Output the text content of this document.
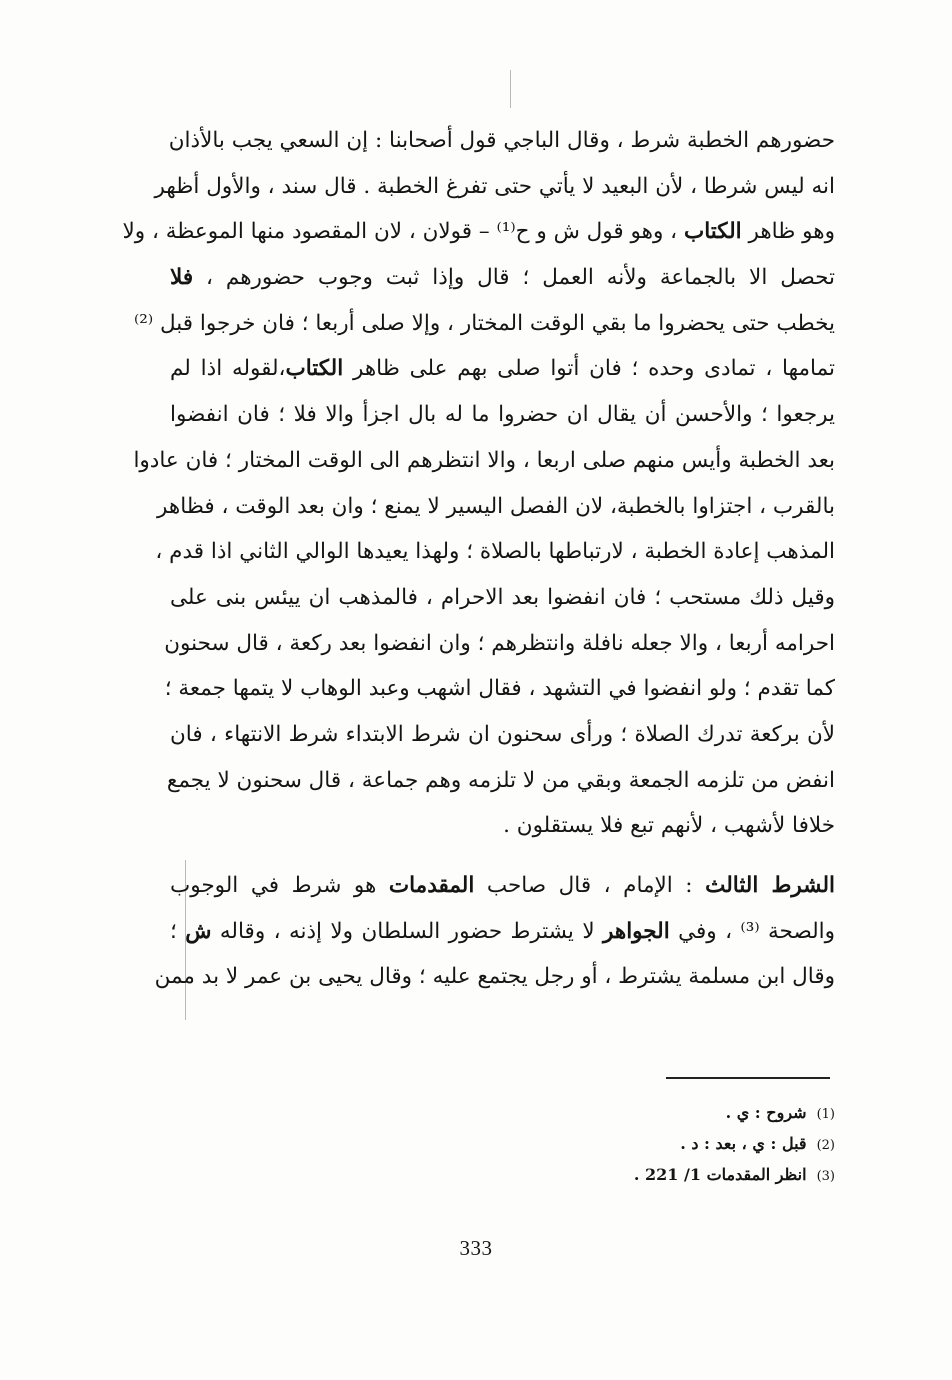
حضورهم الخطبة شرط ، وقال الباجي قول أصحابنا : إن السعي يجب بالأذان
انه ليس شرطا ، لأن البعيد لا يأتي حتى تفرغ الخطبة . قال سند ، والأول أظهر
وهو ظاهر الكتاب ، وهو قول ش و ح⁽¹⁾ – قولان ، لان المقصود منها الموعظة ، ولا
تحصل الا بالجماعة ولأنه العمل ؛ قال وإذا ثبت وجوب حضورهم ، فلا
يخطب حتى يحضروا ما بقي الوقت المختار ، وإلا صلى أربعا ؛ فان خرجوا قبل ⁽²⁾
تمامها ، تمادى وحده ؛ فان أتوا صلى بهم على ظاهر الكتاب،لقوله اذا لم
يرجعوا ؛ والأحسن أن يقال ان حضروا ما له بال اجزأ والا فلا ؛ فان انفضوا
بعد الخطبة وأيس منهم صلى اربعا ، والا انتظرهم الى الوقت المختار ؛ فان عادوا
بالقرب ، اجتزاوا بالخطبة، لان الفصل اليسير لا يمنع ؛ وان بعد الوقت ، فظاهر
المذهب إعادة الخطبة ، لارتباطها بالصلاة ؛ ولهذا يعيدها الوالي الثاني اذا قدم ،
وقيل ذلك مستحب ؛ فان انفضوا بعد الاحرام ، فالمذهب ان ييئس بنى على
احرامه أربعا ، والا جعله نافلة وانتظرهم ؛ وان انفضوا بعد ركعة ، قال سحنون
كما تقدم ؛ ولو انفضوا في التشهد ، فقال اشهب وعبد الوهاب لا يتمها جمعة ؛
لأن بركعة تدرك الصلاة ؛ ورأى سحنون ان شرط الابتداء شرط الانتهاء ، فان
انفض من تلزمه الجمعة وبقي من لا تلزمه وهم جماعة ، قال سحنون لا يجمع
خلافا لأشهب ، لأنهم تبع فلا يستقلون .
الشرط الثالث : الإمام ، قال صاحب المقدمات هو شرط في الوجوب
والصحة ⁽³⁾ ، وفي الجواهر لا يشترط حضور السلطان ولا إذنه ، وقاله ش ؛
وقال ابن مسلمة يشترط ، أو رجل يجتمع عليه ؛ وقال يحيى بن عمر لا بد ممن
(1)شروح : ي .
(2)قبل : ي ، بعد : د .
(3)انظر المقدمات 1/ 221 .
333
